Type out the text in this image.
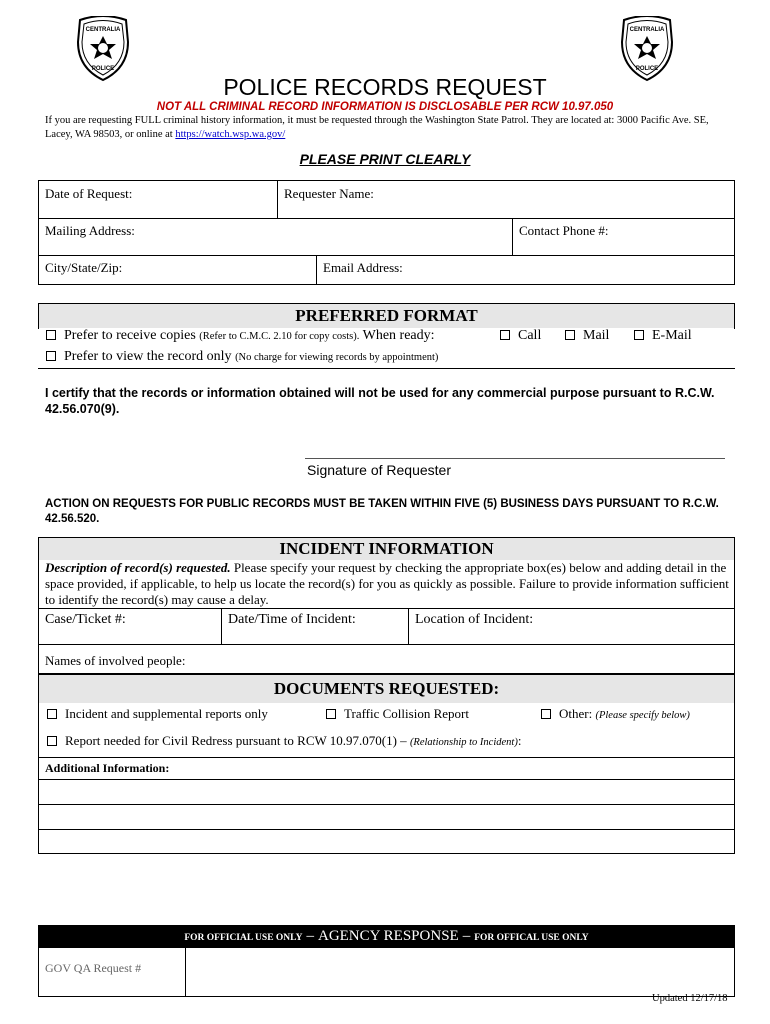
CENTRALIA
POLICE
CENTRALIA
POLICE
POLICE RECORDS REQUEST
NOT ALL CRIMINAL RECORD INFORMATION IS DISCLOSABLE PER RCW 10.97.050
If you are requesting FULL criminal history information, it must be requested through the Washington State Patrol. They are located at: 3000 Pacific Ave. SE, Lacey, WA 98503, or online at https://watch.wsp.wa.gov/
PLEASE PRINT CLEARLY
Date of Request:	Requester Name:
Mailing Address:	Contact Phone #:
City/State/Zip:	Email Address:
PREFERRED FORMAT
Prefer to receive copies (Refer to C.M.C. 2.10 for copy costs). When ready:	Call	Mail	E-Mail
Prefer to view the record only (No charge for viewing records by appointment)
I certify that the records or information obtained will not be used for any commercial purpose pursuant to R.C.W. 42.56.070(9).
Signature of Requester
ACTION ON REQUESTS FOR PUBLIC RECORDS MUST BE TAKEN WITHIN FIVE (5) BUSINESS DAYS PURSUANT TO R.C.W. 42.56.520.
INCIDENT INFORMATION
Description of record(s) requested. Please specify your request by checking the appropriate box(es) below and adding detail in the space provided, if applicable, to help us locate the record(s) for you as quickly as possible. Failure to provide information sufficient to identify the record(s) may cause a delay.
Case/Ticket #:	Date/Time of Incident:	Location of Incident:
Names of involved people:
DOCUMENTS REQUESTED:
Incident and supplemental reports only	Traffic Collision Report	Other: (Please specify below)
Report needed for Civil Redress pursuant to RCW 10.97.070(1) – (Relationship to Incident):
Additional Information:
FOR OFFICIAL USE ONLY – AGENCY RESPONSE – FOR OFFICAL USE ONLY
GOV QA Request #
Updated 12/17/18
